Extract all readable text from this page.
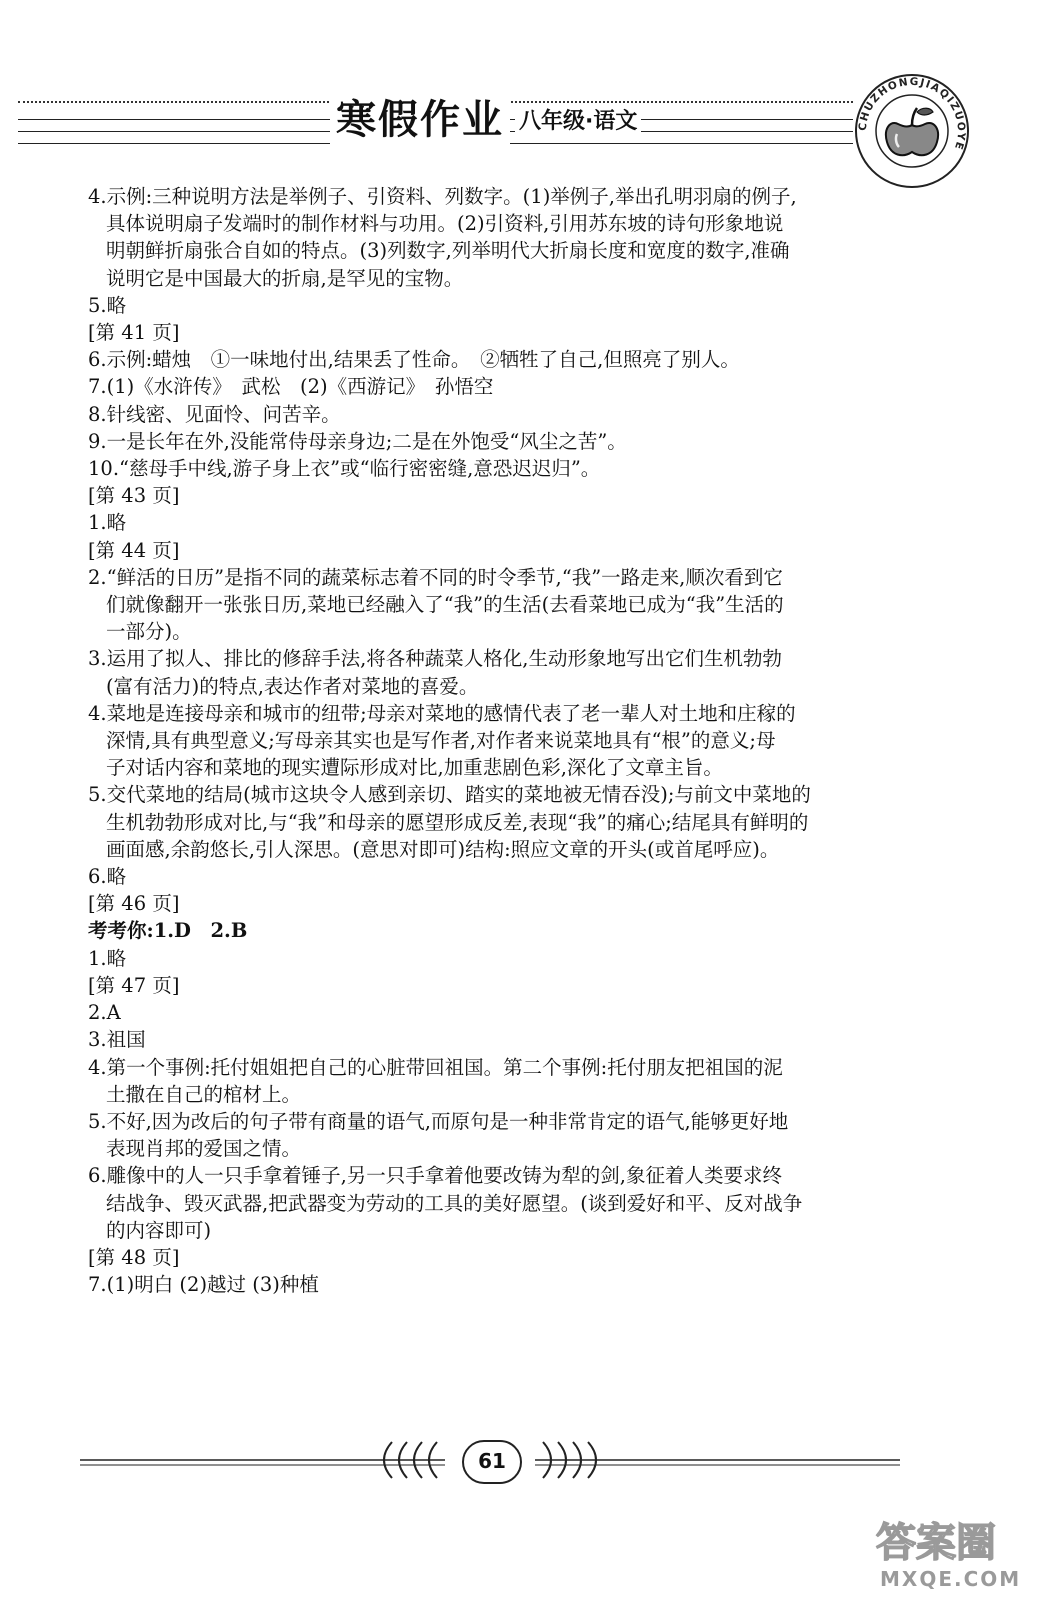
寒假作业 八年级·语文	CHUZHONGJIAQIZUOYE
4.示例:三种说明方法是举例子、引资料、列数字。(1)举例子,举出孔明羽扇的例子,
具体说明扇子发端时的制作材料与功用。(2)引资料,引用苏东坡的诗句形象地说
明朝鲜折扇张合自如的特点。(3)列数字,列举明代大折扇长度和宽度的数字,准确
说明它是中国最大的折扇,是罕见的宝物。
5.略
[第 41 页]
6.示例:蜡烛　①一味地付出,结果丢了性命。　②牺牲了自己,但照亮了别人。
7.(1)《水浒传》　武松　(2)《西游记》　孙悟空
8.针线密、见面怜、问苦辛。
9.一是长年在外,没能常侍母亲身边;二是在外饱受“风尘之苦”。
10.“慈母手中线,游子身上衣”或“临行密密缝,意恐迟迟归”。
[第 43 页]
1.略
[第 44 页]
2.“鲜活的日历”是指不同的蔬菜标志着不同的时令季节,“我”一路走来,顺次看到它
们就像翻开一张张日历,菜地已经融入了“我”的生活(去看菜地已成为“我”生活的
一部分)。
3.运用了拟人、排比的修辞手法,将各种蔬菜人格化,生动形象地写出它们生机勃勃
(富有活力)的特点,表达作者对菜地的喜爱。
4.菜地是连接母亲和城市的纽带;母亲对菜地的感情代表了老一辈人对土地和庄稼的
深情,具有典型意义;写母亲其实也是写作者,对作者来说菜地具有“根”的意义;母
子对话内容和菜地的现实遭际形成对比,加重悲剧色彩,深化了文章主旨。
5.交代菜地的结局(城市这块令人感到亲切、踏实的菜地被无情吞没);与前文中菜地的
生机勃勃形成对比,与“我”和母亲的愿望形成反差,表现“我”的痛心;结尾具有鲜明的
画面感,余韵悠长,引人深思。(意思对即可)结构:照应文章的开头(或首尾呼应)。
6.略
[第 46 页]
考考你:1.D　2.B
1.略
[第 47 页]
2.A
3.祖国
4.第一个事例:托付姐姐把自己的心脏带回祖国。第二个事例:托付朋友把祖国的泥
土撒在自己的棺材上。
5.不好,因为改后的句子带有商量的语气,而原句是一种非常肯定的语气,能够更好地
表现肖邦的爱国之情。
6.雕像中的人一只手拿着锤子,另一只手拿着他要改铸为犁的剑,象征着人类要求终
结战争、毁灭武器,把武器变为劳动的工具的美好愿望。(谈到爱好和平、反对战争
的内容即可)
[第 48 页]
7.(1)明白 (2)越过 (3)种植
61
答案圈
MXQE.COM
